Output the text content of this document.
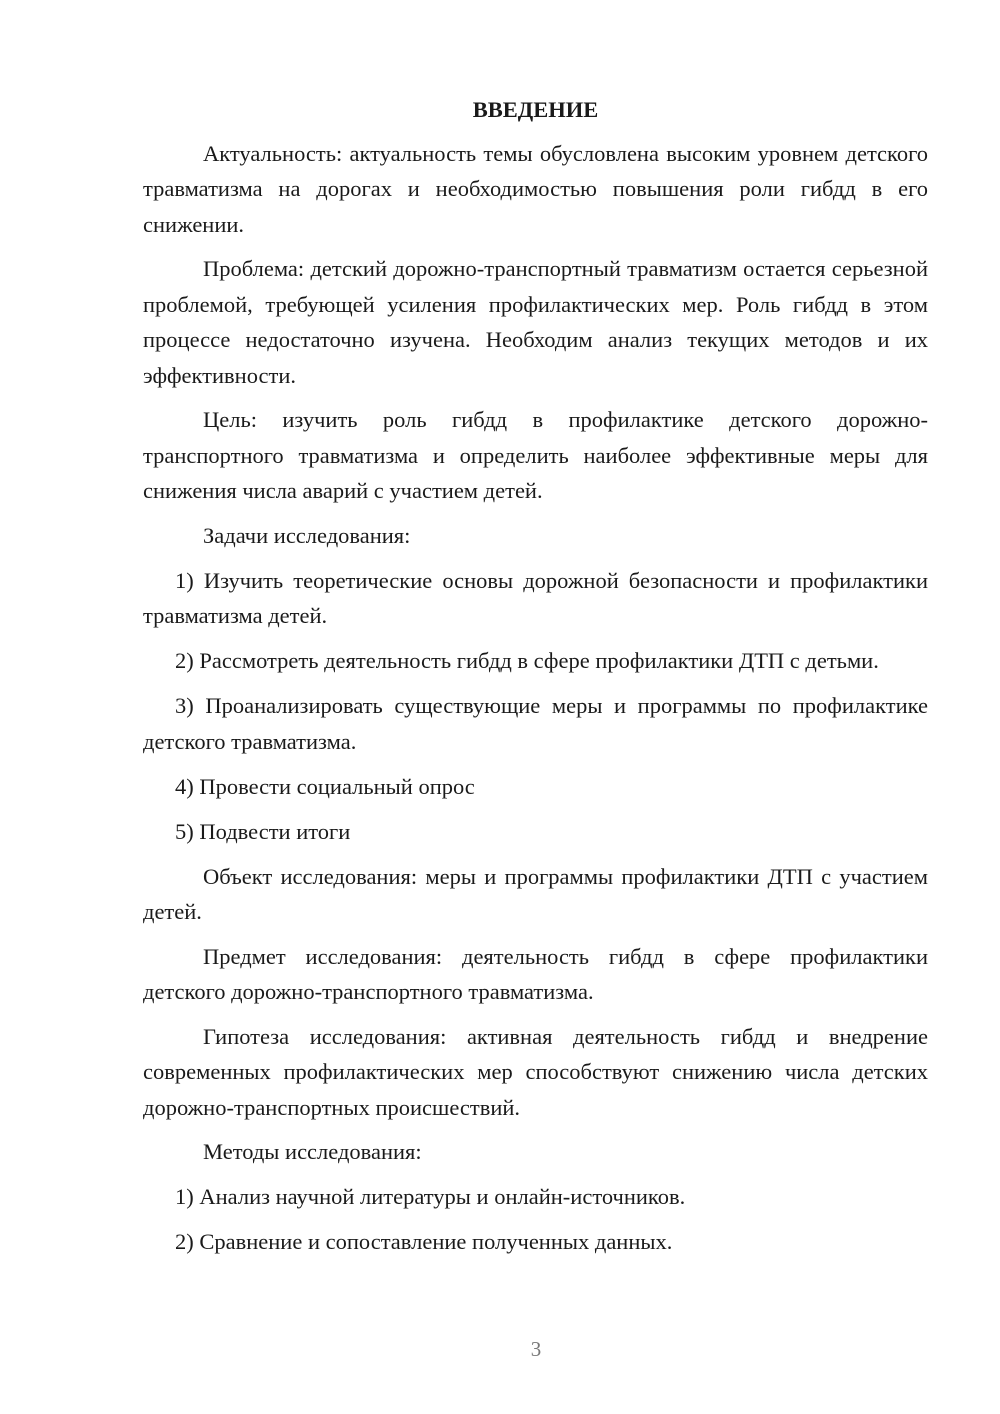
ВВЕДЕНИЕ

Актуальность: актуальность темы обусловлена высоким уровнем детского травматизма на дорогах и необходимостью повышения роли гибдд в его снижении.

Проблема: детский дорожно-транспортный травматизм остается серьезной проблемой, требующей усиления профилактических мер. Роль гибдд в этом процессе недостаточно изучена. Необходим анализ текущих методов и их эффективности.

Цель: изучить роль гибдд в профилактике детского дорожно-транспортного травматизма и определить наиболее эффективные меры для снижения числа аварий с участием детей.

Задачи исследования:

1) Изучить теоретические основы дорожной безопасности и профилактики травматизма детей.

2) Рассмотреть деятельность гибдд в сфере профилактики ДТП с детьми.

3) Проанализировать существующие меры и программы по профилактике детского травматизма.

4) Провести социальный опрос

5) Подвести итоги

Объект исследования: меры и программы профилактики ДТП с участием детей.

Предмет исследования: деятельность гибдд в сфере профилактики детского дорожно-транспортного травматизма.

Гипотеза исследования: активная деятельность гибдд и внедрение современных профилактических мер способствуют снижению числа детских дорожно-транспортных происшествий.

Методы исследования:

1) Анализ научной литературы и онлайн-источников.

2) Сравнение и сопоставление полученных данных.

3
